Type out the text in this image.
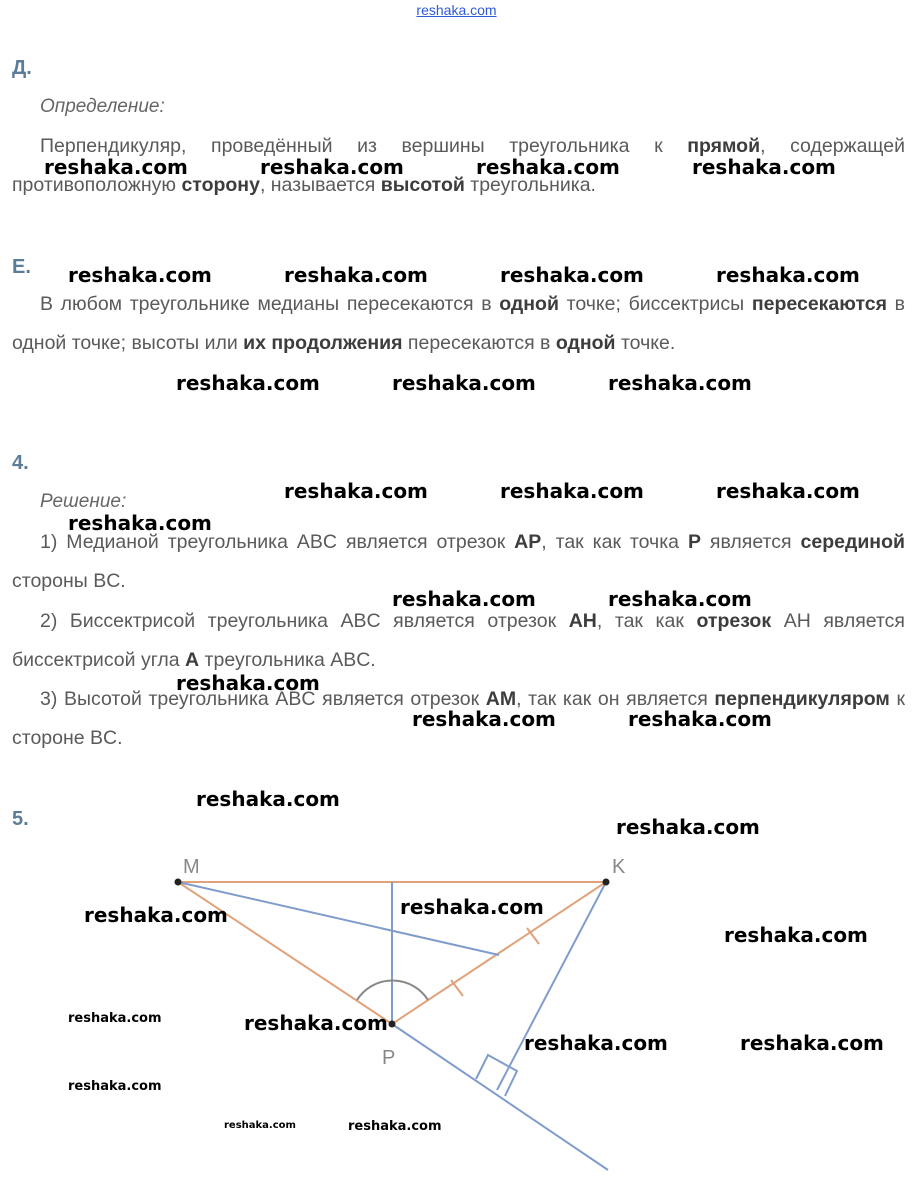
reshaka.com
Д.
Определение:

Перпендикуляр, проведённый из вершины треугольника к прямой, содержащей противоположную сторону, называется высотой треугольника.

Е.

В любом треугольнике медианы пересекаются в одной точке; биссектрисы пересекаются в одной точке; высоты или их продолжения пересекаются в одной точке.

4.
Решение:

1) Медианой треугольника ABC является отрезок AP, так как точка P является серединой стороны BC.

2) Биссектрисой треугольника ABC является отрезок AH, так как отрезок AH является биссектрисой угла A треугольника ABC.

3) Высотой треугольника ABC является отрезок AM, так как он является перпендикуляром к стороне BC.

5.
M	K
P
reshaka.com	reshaka.com	reshaka.com	reshaka.com
reshaka.com	reshaka.com	reshaka.com	reshaka.com
reshaka.com	reshaka.com	reshaka.com
reshaka.com	reshaka.com	reshaka.com
reshaka.com
reshaka.com	reshaka.com
reshaka.com
reshaka.com	reshaka.com
reshaka.com
reshaka.com
reshaka.com
reshaka.com
reshaka.com
reshaka.com
reshaka.com	reshaka.com
reshaka.com
reshaka.com
reshaka.com
reshaka.com
